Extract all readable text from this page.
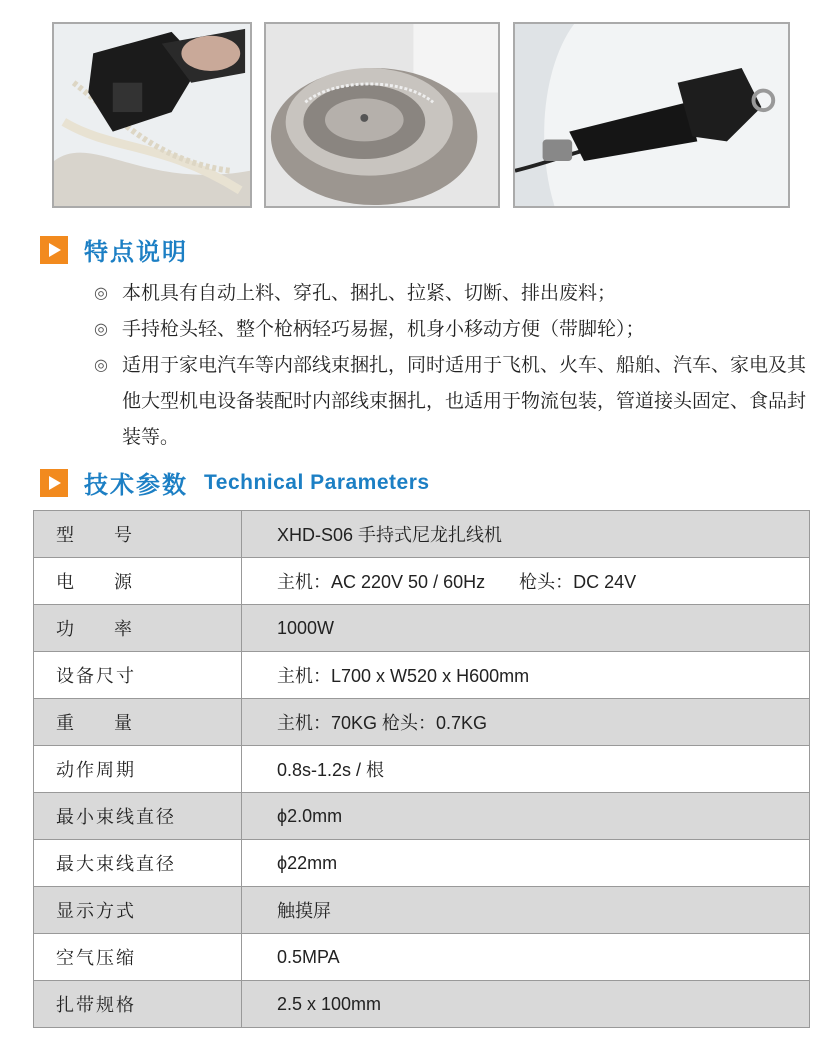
特点说明
◎ 本机具有自动上料、穿孔、捆扎、拉紧、切断、排出废料；
◎ 手持枪头轻、整个枪柄轻巧易握，机身小移动方便（带脚轮）；
◎ 适用于家电汽车等内部线束捆扎，同时适用于飞机、火车、船舶、汽车、家电及其他大型机电设备装配时内部线束捆扎，也适用于物流包装，管道接头固定、食品封装等。
技术参数 Technical Parameters
型 号	XHD-S06 手持式尼龙扎线机
电 源	主机：AC 220V 50 / 60Hz 枪头：DC 24V
功 率	1000W
设备尺寸	主机：L700 x W520 x H600mm
重 量	主机：70KG 枪头：0.7KG
动作周期	0.8s-1.2s / 根
最小束线直径	ϕ2.0mm
最大束线直径	ϕ22mm
显示方式	触摸屏
空气压缩	0.5MPA
扎带规格	2.5 x 100mm
